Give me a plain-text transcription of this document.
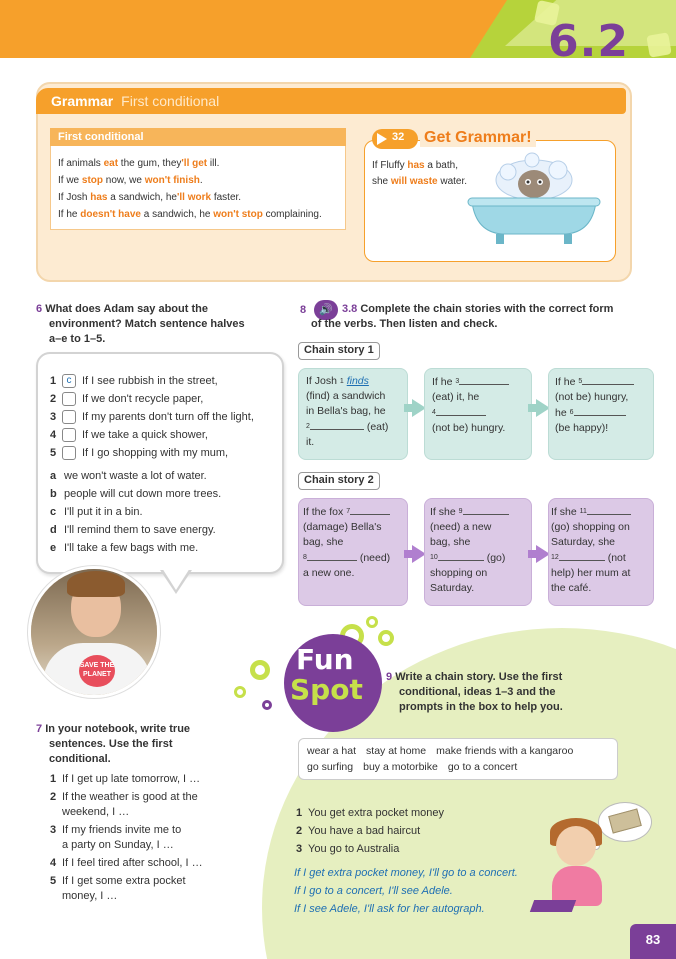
6.2
Grammar First conditional
First conditional
If animals eat the gum, they'll get ill.
If we stop now, we won't finish.
If Josh has a sandwich, he'll work faster.
If he doesn't have a sandwich, he won't stop complaining.
32 Get Grammar!
If Fluffy has a bath,
she will waste water.
6 What does Adam say about the
environment? Match sentence halves
a–e to 1–5.
1	c If I see rubbish in the street,
2	If we don't recycle paper,
3	If my parents don't turn off the light,
4	If we take a quick shower,
5	If I go shopping with my mum,
a we won't waste a lot of water.
b people will cut down more trees.
c I'll put it in a bin.
d I'll remind them to save energy.
e I'll take a few bags with me.
SAVE THE PLANET
7 In your notebook, write true
sentences. Use the first
conditional.
1 If I get up late tomorrow, I …
2 If the weather is good at the
weekend, I …
3 If my friends invite me to
a party on Sunday, I …
4 If I feel tired after school, I …
5 If I get some extra pocket
money, I …
8	🔊 3.8 Complete the chain stories with the correct form
of the verbs. Then listen and check.
Chain story 1
If Josh $^1$ finds
(find) a sandwich
in Bella's bag, he
$^2$	(eat)
it.
If he $^3$
(eat) it, he
$^4$
(not be) hungry.
If he $^5$
(not be) hungry,
he $^6$
(be happy)!
Chain story 2
If the fox $^7$
(damage) Bella's
bag, she
$^8$	(need)
a new one.
If she $^9$
(need) a new
bag, she
$^{10}$	(go)
shopping on
Saturday.
If she $^{11}$
(go) shopping on
Saturday, she
$^{12}$	(not
help) her mum at
the café.
Fun
Spot 9 Write a chain story. Use the first
conditional, ideas 1–3 and the
prompts in the box to help you.
wear a hat stay at home make friends with a kangaroo
go surfing buy a motorbike go to a concert
1 You get extra pocket money
2 You have a bad haircut
3 You go to Australia
If I get extra pocket money, I'll go to a concert.
If I go to a concert, I'll see Adele.
If I see Adele, I'll ask for her autograph.
83
